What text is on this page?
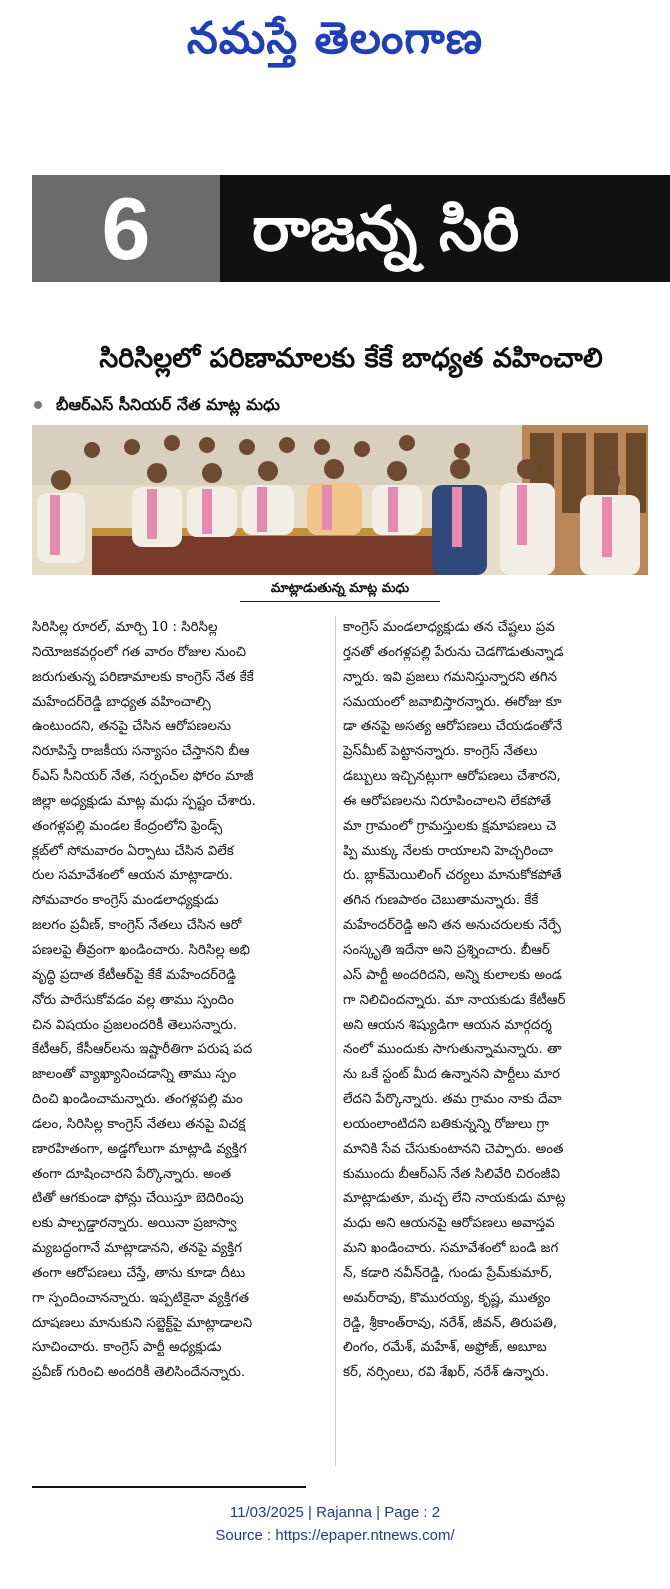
నమస్తే తెలంగాణ
6	రాజన్న సిరి
సిరిసిల్లలో పరిణామాలకు కేకే బాధ్యత వహించాలి
బీఆర్‌ఎస్ సీనియర్ నేత మాట్ల మధు
మాట్లాడుతున్న మాట్ల మధు
సిరిసిల్ల రూరల్, మార్చి 10 : సిరిసిల్ల
నియోజకవర్గంలో గత వారం రోజుల నుంచి
జరుగుతున్న పరిణామాలకు కాంగ్రెస్ నేత కేకే
మహేందర్‌రెడ్డి బాధ్యత వహించాల్సి
ఉంటుందని, తనపై చేసిన ఆరోపణలను
నిరూపిస్తే రాజకీయ సన్యాసం చేస్తానని బీఆ
ర్ఎస్ సీనియర్ నేత, సర్పంచ్‌ల ఫోరం మాజీ
జిల్లా అధ్యక్షుడు మాట్ల మధు స్పష్టం చేశారు.
తంగళ్లపల్లి మండల కేంద్రంలోని ఫ్రెండ్స్
క్లబ్‌లో సోమవారం ఏర్పాటు చేసిన విలేక
రుల సమావేశంలో ఆయన మాట్లాడారు.
సోమవారం కాంగ్రెస్ మండలాధ్యక్షుడు
జలగం ప్రవీణ్, కాంగ్రెస్ నేతలు చేసిన ఆరో
పణలపై తీవ్రంగా ఖండించారు. సిరిసిల్ల అభి
వృద్ధి ప్రదాత కేటీఆర్‌పై కేకే మహేందర్‌రెడ్డి
నోరు పారేసుకోవడం వల్ల తాము స్పందిం
చిన విషయం ప్రజలందరికీ తెలుసన్నారు.
కేటీఆర్, కేసీఆర్‌లను ఇష్టారీతిగా పరుష పద
జాలంతో వ్యాఖ్యానించడాన్ని తాము స్పం
దించి ఖండించామన్నారు. తంగళ్లపల్లి మం
డలం, సిరిసిల్ల కాంగ్రెస్ నేతలు తనపై విచక్ష
ణారహితంగా, అడ్డగోలుగా మాట్లాడి వ్యక్తిగ
తంగా దూషించారని పేర్కొన్నారు. అంత
టితో ఆగకుండా ఫోన్లు చేయిస్తూ బెదిరింపు
లకు పాల్పడ్డారన్నారు. అయినా ప్రజాస్వా
మ్యబద్ధంగానే మాట్లాడానని, తనపై వ్యక్తిగ
తంగా ఆరోపణలు చేస్తే, తాను కూడా దీటు
గా స్పందించానన్నారు. ఇప్పటికైనా వ్యక్తిగత
దూషణలు మానుకుని సబ్జెక్ట్‌పై మాట్లాడాలని
సూచించారు. కాంగ్రెస్ పార్టీ అధ్యక్షుడు
ప్రవీణ్ గురించి అందరికీ తెలిసిందేనన్నారు.
కాంగ్రెస్ మండలాధ్యక్షుడు తన చేష్టలు ప్రవ
ర్తనతో తంగళ్లపల్లి పేరును చెడగొడుతున్నాడ
న్నారు. ఇవి ప్రజలు గమనిస్తున్నారని తగిన
సమయంలో జవాబిస్తారన్నారు. ఈరోజు కూ
డా తనపై అసత్య ఆరోపణలు చేయడంతోనే
ప్రెస్‌మీట్ పెట్టానన్నారు. కాంగ్రెస్ నేతలు
డబ్బులు ఇచ్చినట్లుగా ఆరోపణలు చేశారని,
ఈ ఆరోపణలను నిరూపించాలని లేకపోతే
మా గ్రామంలో గ్రామస్తులకు క్షమాపణలు చె
ప్పి ముక్కు నేలకు రాయాలని హెచ్చరించా
రు. బ్లాక్‌మెయిలింగ్ చర్యలు మానుకోకపోతే
తగిన గుణపాఠం చెబుతామన్నారు. కేకే
మహేందర్‌రెడ్డి అని తన అనుచరులకు నేర్పే
సంస్కృతి ఇదేనా అని ప్రశ్నించారు. బీఆర్
ఎస్ పార్టీ అందరిదని, అన్ని కులాలకు అండ
గా నిలిచిందన్నారు. మా నాయకుడు కేటీఆర్
అని ఆయన శిష్యుడిగా ఆయన మార్గదర్శ
నంలో ముందుకు సాగుతున్నామన్నారు. తా
ను ఒకే స్టంట్ మీద ఉన్నానని పార్టీలు మార
లేదని పేర్కొన్నారు. తమ గ్రామం నాకు దేవా
లయంలాంటిదని బతికున్నన్ని రోజులు గ్రా
మానికి సేవ చేసుకుంటానని చెప్పారు. అంత
కుముందు బీఆర్‌ఎస్ నేత సిలివేరి చిరంజీవి
మాట్లాడుతూ, మచ్చ లేని నాయకుడు మాట్ల
మధు అని ఆయనపై ఆరోపణలు అవాస్తవ
మని ఖండించారు. సమావేశంలో బండి జగ
న్, కడారి నవీన్‌రెడ్డి, గుండు ప్రేమ్‌కుమార్,
అమర్‌రావు, కొమురయ్య, కృష్ణ, ముత్యం
రెడ్డి, శ్రీకాంత్‌రావు, నరేశ్, జీవన్, తిరుపతి,
లింగం, రమేశ్, మహేశ్, అఫ్రోజ్, అబూబ
కర్, నర్సింలు, రవి శేఖర్, నరేశ్ ఉన్నారు.
11/03/2025 | Rajanna | Page : 2
Source : https://epaper.ntnews.com/
